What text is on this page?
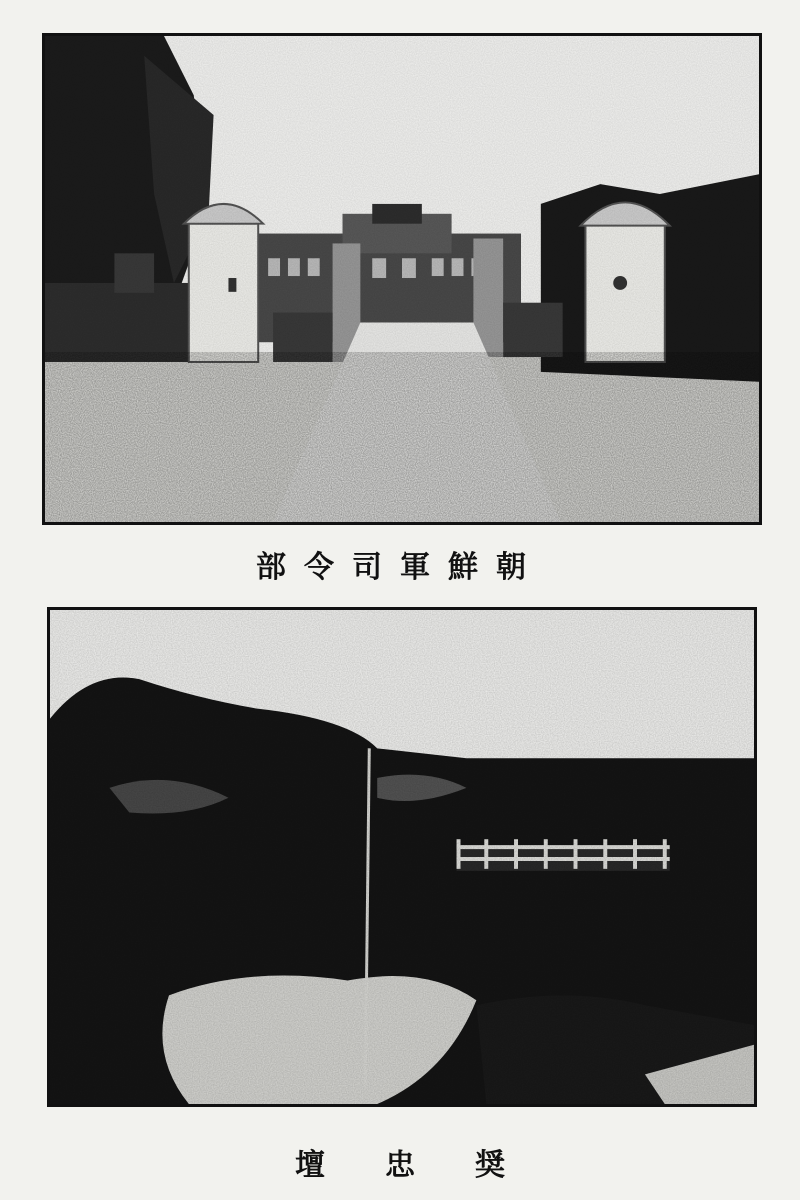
部令司軍鮮朝
壇　　忠　　奨
